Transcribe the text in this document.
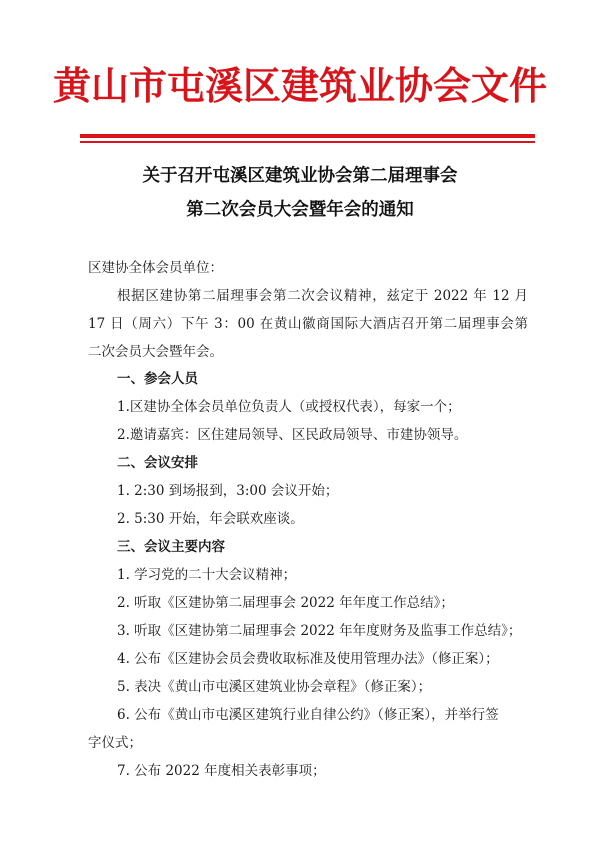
黄山市屯溪区建筑业协会文件
关于召开屯溪区建筑业协会第二届理事会
第二次会员大会暨年会的通知
区建协全体会员单位：
根据区建协第二届理事会第二次会议精神，兹定于 2022 年 12 月
17 日（周六）下午 3：00 在黄山徽商国际大酒店召开第二届理事会第
二次会员大会暨年会。
一、参会人员
1.区建协全体会员单位负责人（或授权代表），每家一个；
2.邀请嘉宾：区住建局领导、区民政局领导、市建协领导。
二、会议安排
1. 2:30 到场报到，3:00 会议开始；
2. 5:30 开始，年会联欢座谈。
三、会议主要内容
1. 学习党的二十大会议精神；
2. 听取《区建协第二届理事会 2022 年年度工作总结》；
3. 听取《区建协第二届理事会 2022 年年度财务及监事工作总结》；
4. 公布《区建协会员会费收取标准及使用管理办法》（修正案）；
5. 表决《黄山市屯溪区建筑业协会章程》（修正案）；
6. 公布《黄山市屯溪区建筑行业自律公约》（修正案），并举行签
字仪式；
7. 公布 2022 年度相关表彰事项；
